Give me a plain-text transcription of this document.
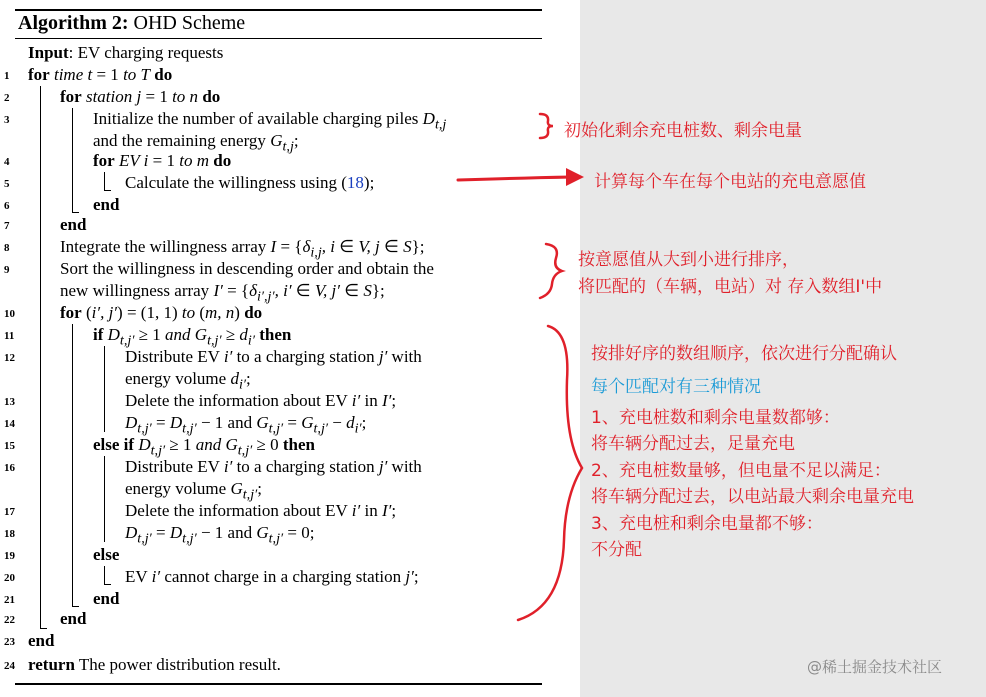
Algorithm 2: OHD Scheme
Input: EV charging requests
1	for time t = 1 to T do
2	for station j = 1 to n do
3	Initialize the number of available charging piles $D_{t,j}$
and the remaining energy $G_{t,j}$;
4	for EV i = 1 to m do
5	Calculate the willingness using (18);
6	end
7	end
8	Integrate the willingness array $I = \{\delta_{i,j}$, i ∈ V, j ∈ S};
9	Sort the willingness in descending order and obtain the
new willingness array $I' = \{\delta_{i',j'}$, i′ ∈ V, j′ ∈ S};
10	for (i′, j′) = (1, 1) to (m, n) do
11	if $D_{t,j'} \ge 1$ and $G_{t,j'} \ge d_{i'}$ then
12	Distribute EV i′ to a charging station j′ with
energy volume $d_{i'}$;
13	Delete the information about EV i′ in I′;
14	$D_{t,j'} = D_{t,j'} - 1$ and $G_{t,j'} = G_{t,j'} - d_{i'}$;
15	else if $D_{t,j'} \ge 1$ and $G_{t,j'} \ge 0$ then
16	Distribute EV i′ to a charging station j′ with
energy volume $G_{t,j'}$;
17	Delete the information about EV i′ in I′;
18	$D_{t,j'} = D_{t,j'} - 1$ and $G_{t,j'} = 0$;
19	else
20	EV i′ cannot charge in a charging station j′;
21	end
22	end
23 end
24 return The power distribution result.
初始化剩余充电桩数、剩余电量
计算每个车在每个电站的充电意愿值
按意愿值从大到小进行排序，
将匹配的（车辆，电站）对 存入数组I'中
按排好序的数组顺序，依次进行分配确认
每个匹配对有三种情况
1、充电桩数和剩余电量数都够：
将车辆分配过去，足量充电
2、充电桩数量够，但电量不足以满足：
将车辆分配过去，以电站最大剩余电量充电
3、充电桩和剩余电量都不够：
不分配
@稀土掘金技术社区
